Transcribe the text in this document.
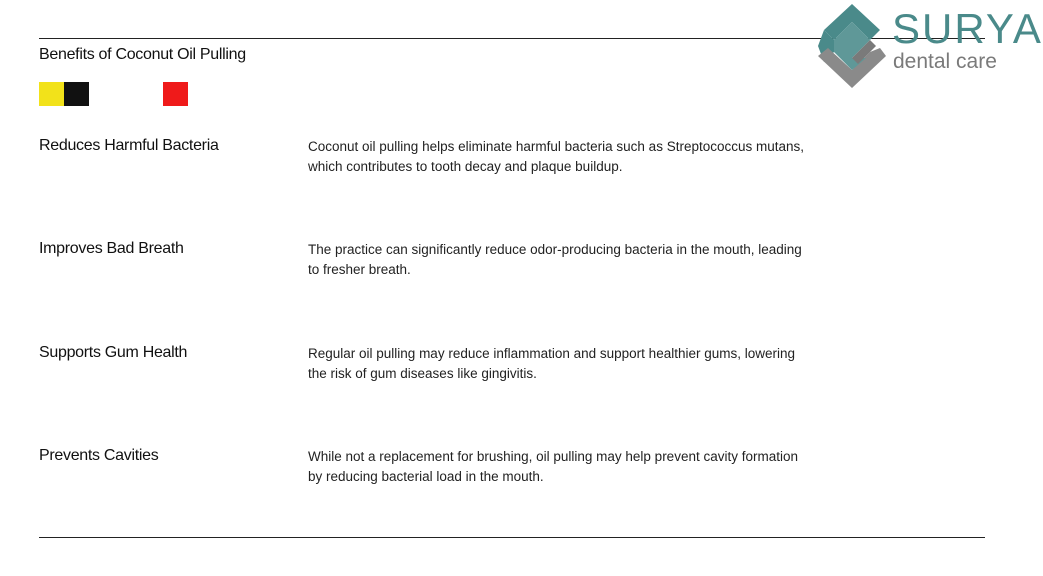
Benefits of Coconut Oil Pulling
SURYA
dental care
Reduces Harmful Bacteria	Coconut oil pulling helps eliminate harmful bacteria such as Streptococcus mutans, which contributes to tooth decay and plaque buildup.
Improves Bad Breath	The practice can significantly reduce odor-producing bacteria in the mouth, leading to fresher breath.
Supports Gum Health	Regular oil pulling may reduce inflammation and support healthier gums, lowering the risk of gum diseases like gingivitis.
Prevents Cavities	While not a replacement for brushing, oil pulling may help prevent cavity formation by reducing bacterial load in the mouth.
